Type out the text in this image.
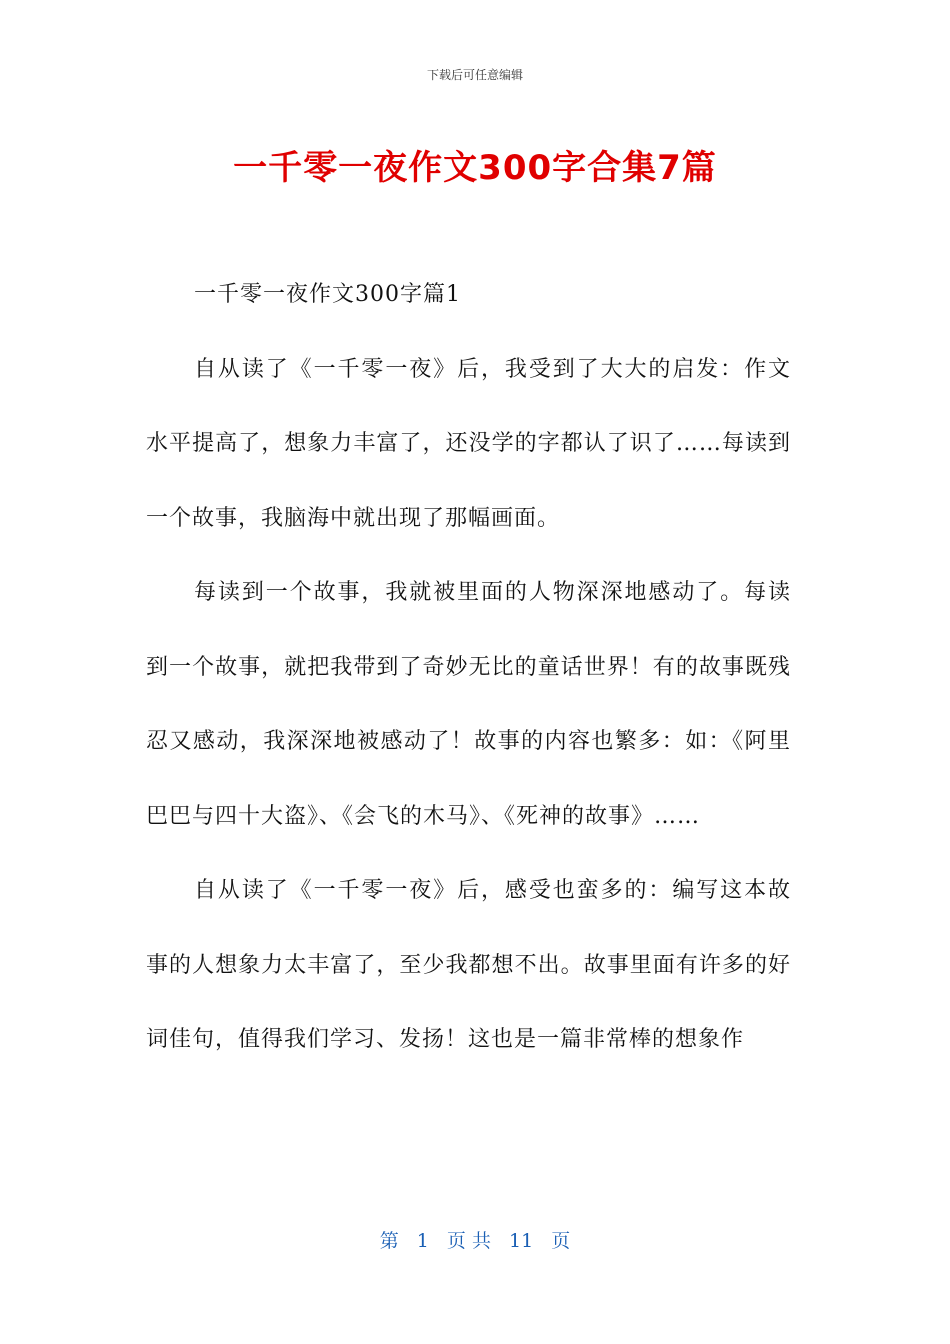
下载后可任意编辑
一千零一夜作文300字合集7篇

一千零一夜作文300字篇1

自从读了《一千零一夜》后，我受到了大大的启发：作文水平提高了，想象力丰富了，还没学的字都认了识了……每读到一个故事，我脑海中就出现了那幅画面。

每读到一个故事，我就被里面的人物深深地感动了。每读到一个故事，就把我带到了奇妙无比的童话世界！有的故事既残忍又感动，我深深地被感动了！故事的内容也繁多：如：《阿里巴巴与四十大盗》、《会飞的木马》、《死神的故事》……

自从读了《一千零一夜》后，感受也蛮多的：编写这本故事的人想象力太丰富了，至少我都想不出。故事里面有许多的好词佳句，值得我们学习、发扬！这也是一篇非常棒的想象作

第 1 页 共 11 页
